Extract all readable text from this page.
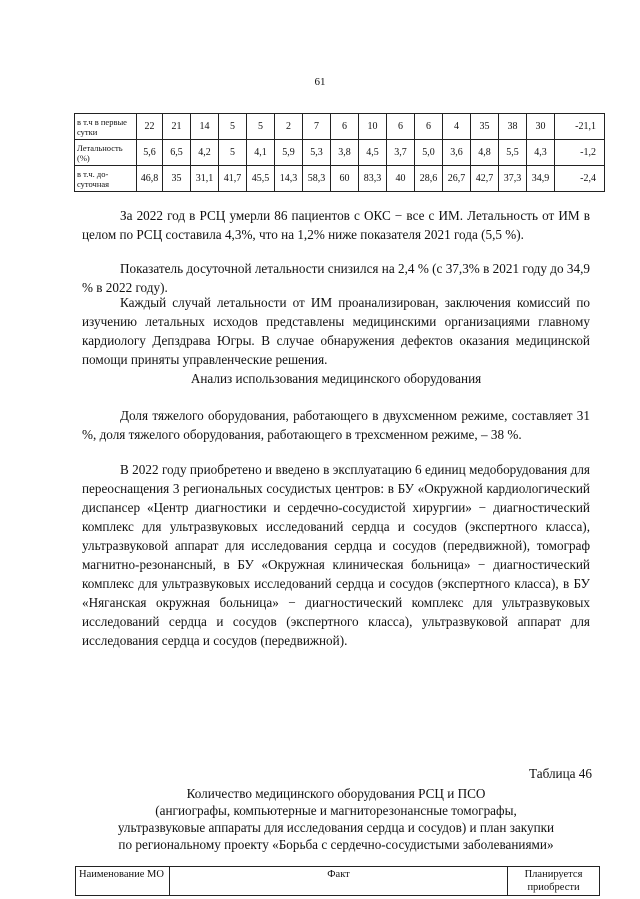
61
в т.ч в первые сутки	22	21	14	5	5	2	7	6	10	6	6	4	35	38	30	-21,1
Летальность (%)	5,6	6,5	4,2	5	4,1	5,9	5,3	3,8	4,5	3,7	5,0	3,6	4,8	5,5	4,3	-1,2
в т.ч. до-суточная	46,8	35	31,1	41,7	45,5	14,3	58,3	60	83,3	40	28,6	26,7	42,7	37,3	34,9	-2,4
За 2022 год в РСЦ умерли 86 пациентов с ОКС − все с ИМ. Летальность от ИМ в целом по РСЦ составила 4,3%, что на 1,2% ниже показателя 2021 года (5,5 %).
Показатель досуточной летальности снизился на 2,4 % (с 37,3% в 2021 году до 34,9 % в 2022 году).
Каждый случай летальности от ИМ проанализирован, заключения комиссий по изучению летальных исходов представлены медицинскими организациями главному кардиологу Депздрава Югры. В случае обнаружения дефектов оказания медицинской помощи приняты управленческие решения.
Анализ использования медицинского оборудования
Доля тяжелого оборудования, работающего в двухсменном режиме, составляет 31 %, доля тяжелого оборудования, работающего в трехсменном режиме, – 38 %.
В 2022 году приобретено и введено в эксплуатацию 6 единиц медоборудования для переоснащения 3 региональных сосудистых центров: в БУ «Окружной кардиологический диспансер «Центр диагностики и сердечно-сосудистой хирургии» − диагностический комплекс для ультразвуковых исследований сердца и сосудов (экспертного класса), ультразвуковой аппарат для исследования сердца и сосудов (передвижной), томограф магнитно-резонансный, в БУ «Окружная клиническая больница» − диагностический комплекс для ультразвуковых исследований сердца и сосудов (экспертного класса), в БУ «Няганская окружная больница» − диагностический комплекс для ультразвуковых исследований сердца и сосудов (экспертного класса), ультразвуковой аппарат для исследования сердца и сосудов (передвижной).
Таблица 46
Количество медицинского оборудования РСЦ и ПСО
(ангиографы, компьютерные и магниторезонансные томографы,
ультразвуковые аппараты для исследования сердца и сосудов) и план закупки
по региональному проекту «Борьба с сердечно-сосудистыми заболеваниями»
Наименование МО	Факт	Планируется приобрести
